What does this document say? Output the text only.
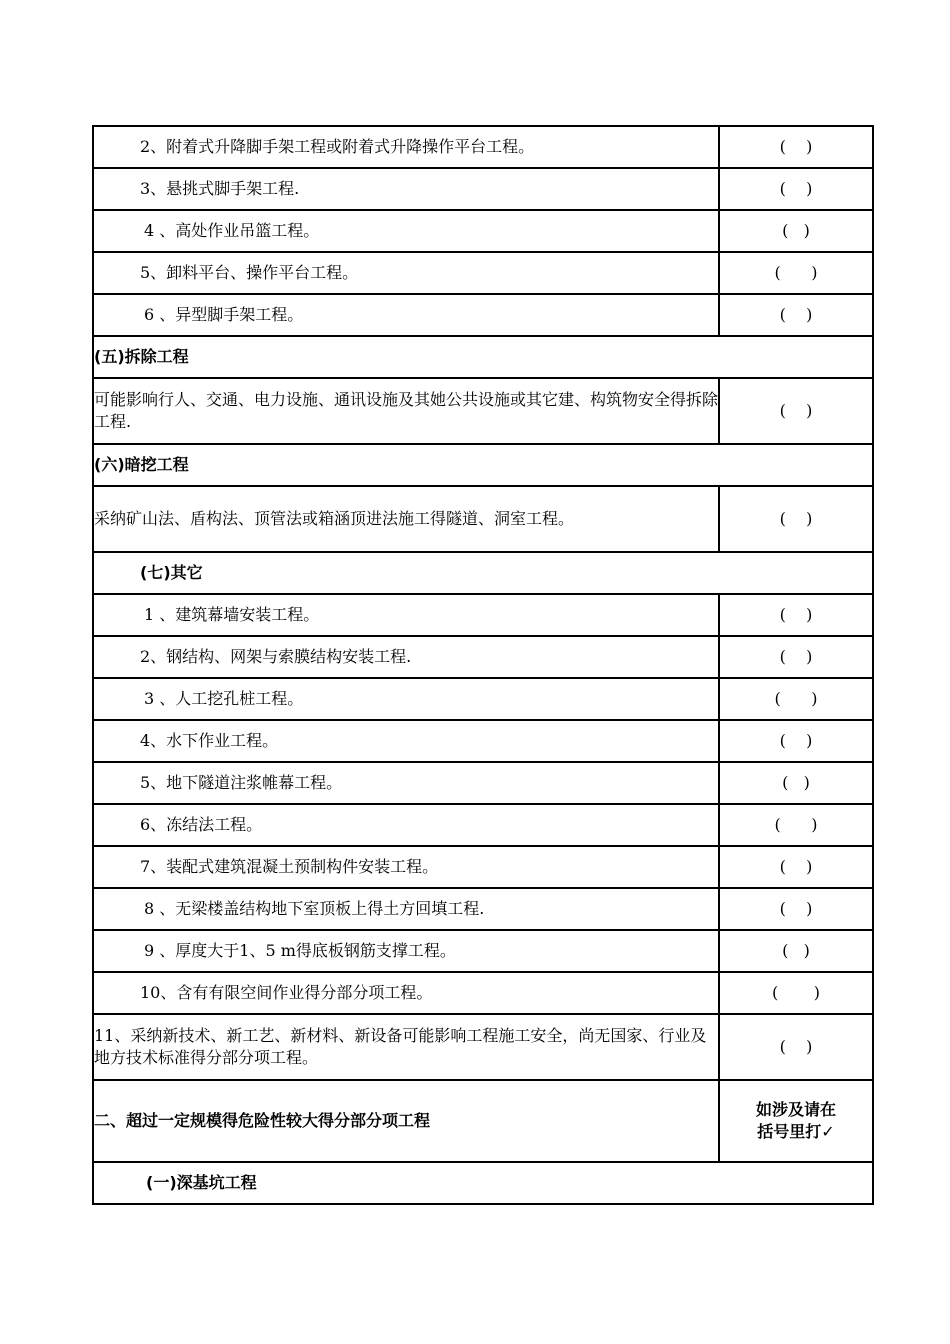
2、附着式升降脚手架工程或附着式升降操作平台工程。	(    )
3、悬挑式脚手架工程.	(    )
4 、高处作业吊篮工程。	(   )
5、卸料平台、操作平台工程。	(      )
6 、异型脚手架工程。	(    )
(五)拆除工程	
可能影响行人、交通、电力设施、通讯设施及其她公共设施或其它建、构筑物安全得拆除工程.	(    )
(六)暗挖工程	
采纳矿山法、盾构法、顶管法或箱涵顶进法施工得隧道、洞室工程。	(    )
(七)其它	
1 、建筑幕墙安装工程。	(    )
2、钢结构、网架与索膜结构安装工程.	(    )
3 、人工挖孔桩工程。	(      )
4、水下作业工程。	(    )
5、地下隧道注浆帷幕工程。	(   )
6、冻结法工程。	(      )
7、装配式建筑混凝土预制构件安装工程。	(    )
8 、无梁楼盖结构地下室顶板上得土方回填工程.	(    )
9 、厚度大于1、5 m得底板钢筋支撑工程。	(   )
10、含有有限空间作业得分部分项工程。	(       )
11、采纳新技术、新工艺、新材料、新设备可能影响工程施工安全，尚无国家、行业及地方技术标准得分部分项工程。	(    )
二、超过一定规模得危险性较大得分部分项工程	如涉及请在
括号里打✓

(一)深基坑工程	
